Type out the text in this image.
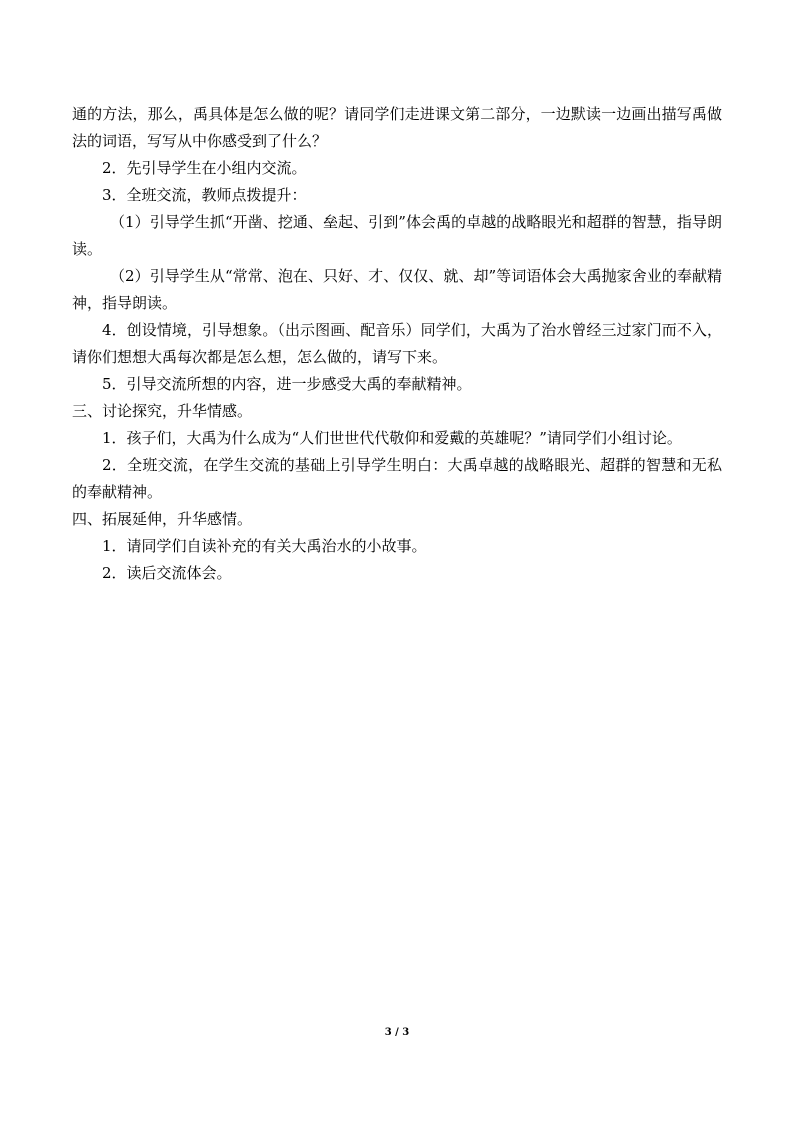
通的方法，那么，禹具体是怎么做的呢？请同学们走进课文第二部分，一边默读一边画出描写禹做法的词语，写写从中你感受到了什么？

2．先引导学生在小组内交流。

3．全班交流，教师点拨提升：

（1）引导学生抓“开凿、挖通、垒起、引到”体会禹的卓越的战略眼光和超群的智慧，指导朗读。

（2）引导学生从“常常、泡在、只好、才、仅仅、就、却”等词语体会大禹抛家舍业的奉献精神，指导朗读。

4．创设情境，引导想象。（出示图画、配音乐）同学们，大禹为了治水曾经三过家门而不入，请你们想想大禹每次都是怎么想，怎么做的，请写下来。

5．引导交流所想的内容，进一步感受大禹的奉献精神。

三、讨论探究，升华情感。

1．孩子们，大禹为什么成为“人们世世代代敬仰和爱戴的英雄呢？”请同学们小组讨论。

2．全班交流，在学生交流的基础上引导学生明白：大禹卓越的战略眼光、超群的智慧和无私的奉献精神。

四、拓展延伸，升华感情。

1．请同学们自读补充的有关大禹治水的小故事。

2．读后交流体会。

3 / 3
